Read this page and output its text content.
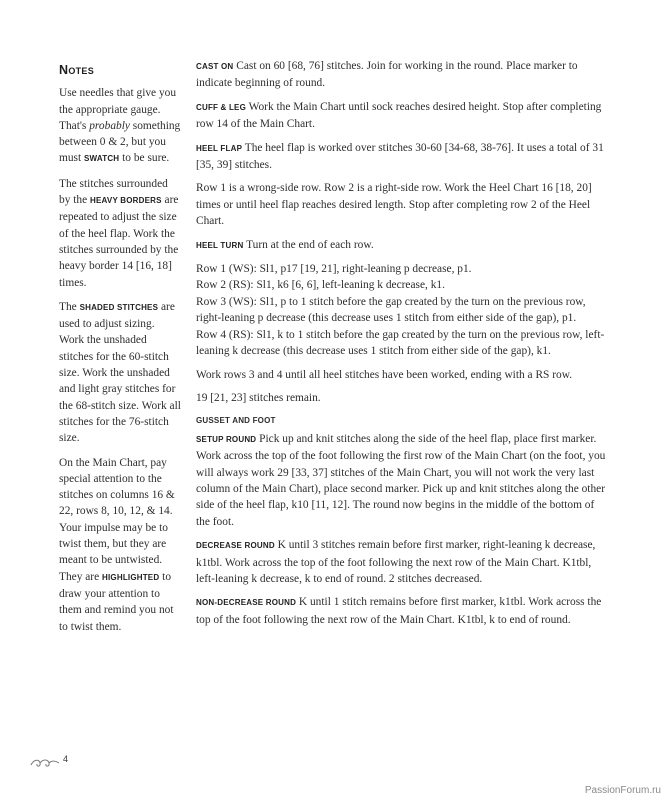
Notes

Use needles that give you the appropriate gauge. That's probably something between 0 & 2, but you must SWATCH to be sure.

The stitches surrounded by the HEAVY BORDERS are repeated to adjust the size of the heel flap. Work the stitches surrounded by the heavy border 14 [16, 18] times.

The SHADED STITCHES are used to adjust sizing. Work the unshaded stitches for the 60-stitch size. Work the unshaded and light gray stitches for the 68-stitch size. Work all stitches for the 76-stitch size.

On the Main Chart, pay special attention to the stitches on columns 16 & 22, rows 8, 10, 12, & 14. Your impulse may be to twist them, but they are meant to be untwisted. They are HIGHLIGHTED to draw your attention to them and remind you not to twist them.

CAST ON Cast on 60 [68, 76] stitches. Join for working in the round. Place marker to indicate beginning of round.

CUFF & LEG Work the Main Chart until sock reaches desired height. Stop after completing row 14 of the Main Chart.

HEEL FLAP The heel flap is worked over stitches 30-60 [34-68, 38-76]. It uses a total of 31 [35, 39] stitches.

Row 1 is a wrong-side row. Row 2 is a right-side row. Work the Heel Chart 16 [18, 20] times or until heel flap reaches desired length. Stop after completing row 2 of the Heel Chart.

HEEL TURN Turn at the end of each row.

Row 1 (WS): Sl1, p17 [19, 21], right-leaning p decrease, p1.
Row 2 (RS): Sl1, k6 [6, 6], left-leaning k decrease, k1.
Row 3 (WS): Sl1, p to 1 stitch before the gap created by the turn on the previous row, right-leaning p decrease (this decrease uses 1 stitch from either side of the gap), p1.
Row 4 (RS): Sl1, k to 1 stitch before the gap created by the turn on the previous row, left-leaning k decrease (this decrease uses 1 stitch from either side of the gap), k1.

Work rows 3 and 4 until all heel stitches have been worked, ending with a RS row.

19 [21, 23] stitches remain.

GUSSET AND FOOT
SETUP ROUND Pick up and knit stitches along the side of the heel flap, place first marker. Work across the top of the foot following the first row of the Main Chart (on the foot, you will always work 29 [33, 37] stitches of the Main Chart, you will not work the very last column of the Main Chart), place second marker. Pick up and knit stitches along the other side of the heel flap, k10 [11, 12]. The round now begins in the middle of the bottom of the foot.

DECREASE ROUND K until 3 stitches remain before first marker, right-leaning k decrease, k1tbl. Work across the top of the foot following the next row of the Main Chart. K1tbl, left-leaning k decrease, k to end of round. 2 stitches decreased.

NON-DECREASE ROUND K until 1 stitch remains before first marker, k1tbl. Work across the top of the foot following the next row of the Main Chart. K1tbl, k to end of round.

4
PassionForum.ru
